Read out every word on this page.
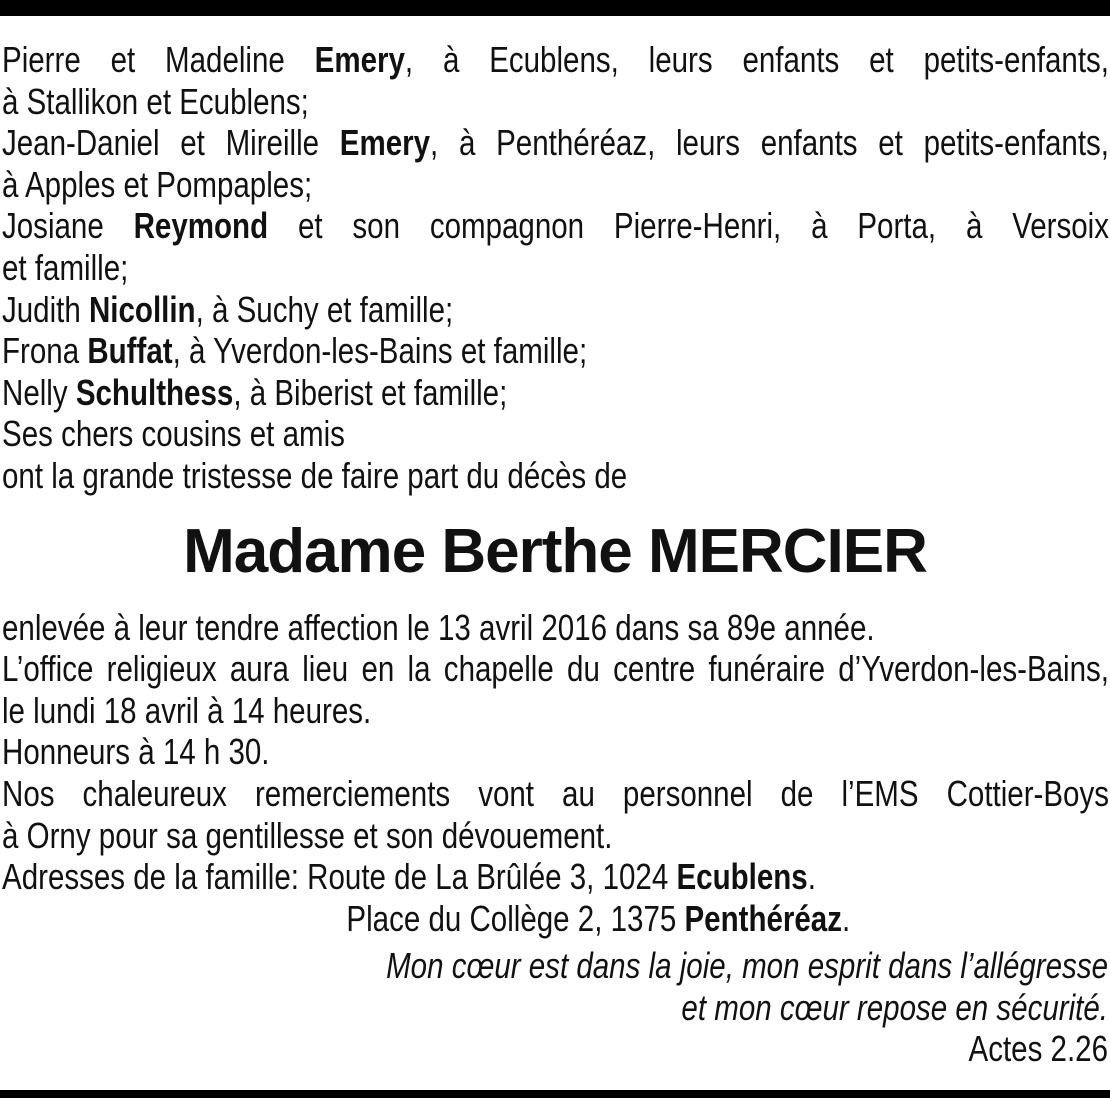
Pierre et Madeline Emery, à Ecublens, leurs enfants et petits-enfants,
à Stallikon et Ecublens;
Jean-Daniel et Mireille Emery, à Penthéréaz, leurs enfants et petits-enfants,
à Apples et Pompaples;
Josiane Reymond et son compagnon Pierre-Henri, à Porta, à Versoix
et famille;
Judith Nicollin, à Suchy et famille;
Frona Buffat, à Yverdon-les-Bains et famille;
Nelly Schulthess, à Biberist et famille;
Ses chers cousins et amis
ont la grande tristesse de faire part du décès de
Madame Berthe MERCIER
enlevée à leur tendre affection le 13 avril 2016 dans sa 89e année.
L’office religieux aura lieu en la chapelle du centre funéraire d’Yverdon-les-Bains,
le lundi 18 avril à 14 heures.
Honneurs à 14 h 30.
Nos chaleureux remerciements vont au personnel de l’EMS Cottier-Boys
à Orny pour sa gentillesse et son dévouement.
Adresses de la famille: Route de La Brûlée 3, 1024 Ecublens.
Place du Collège 2, 1375 Penthéréaz.
Mon cœur est dans la joie, mon esprit dans l’allégresse
et mon cœur repose en sécurité.
Actes 2.26
